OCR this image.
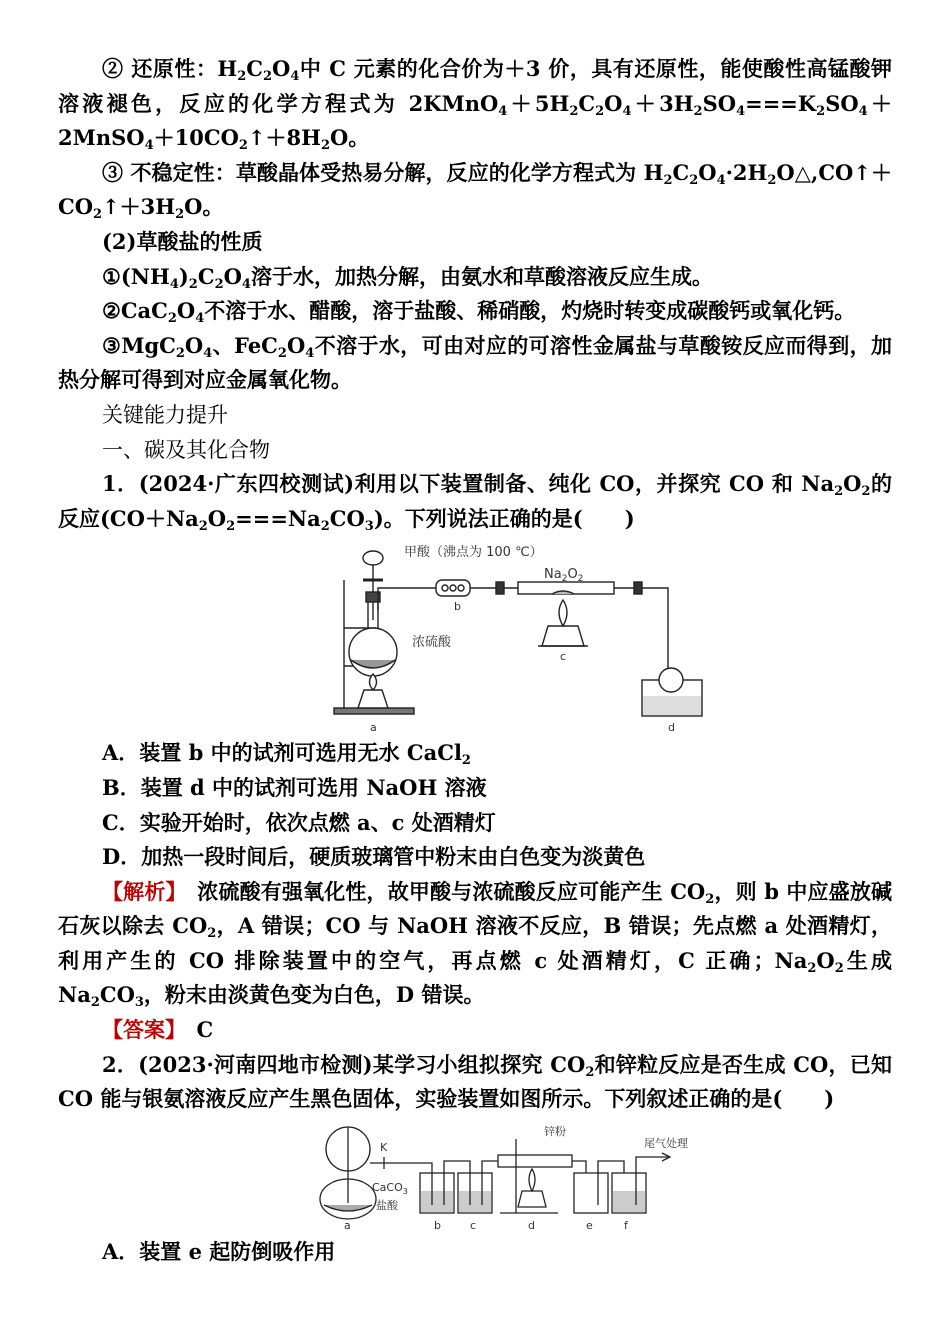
② 还原性：$H_2C_2O_4$中 C 元素的化合价为＋3 价，具有还原性，能使酸性高锰酸钾溶液褪色，反应的化学方程式为 $2KMnO_4+5H_2C_2O_4+3H_2SO_4===K_2SO_4+2MnSO_4+10CO_2↑+8H_2O$。

③ 不稳定性：草酸晶体受热易分解，反应的化学方程式为 $H_2C_2O_4\cdot 2H_2O\triangle,CO↑+CO_2↑+3H_2O$。

(2)草酸盐的性质

$①(NH_4)_2C_2O_4$溶于水，加热分解，由氨水和草酸溶液反应生成。

$②CaC_2O_4$不溶于水、醋酸，溶于盐酸、稀硝酸，灼烧时转变成碳酸钙或氧化钙。

$③MgC_2O_4$、$FeC_2O_4$不溶于水，可由对应的可溶性金属盐与草酸铵反应而得到，加热分解可得到对应金属氧化物。

关键能力提升

一、碳及其化合物

1．(2024·广东四校测试)利用以下装置制备、纯化 CO，并探究 CO 和 $Na_2O_2$的反应$(CO+Na_2O_2===Na_2CO_3)$。下列说法正确的是(　　)

甲酸（沸点为 100 ℃）
$Na_2O_2$
浓硫酸
a
b
c
d

A．装置 b 中的试剂可选用无水 CaCl$_2$

B．装置 d 中的试剂可选用 NaOH 溶液

C．实验开始时，依次点燃 a、c 处酒精灯

D．加热一段时间后，硬质玻璃管中粉末由白色变为淡黄色

【解析】　浓硫酸有强氧化性，故甲酸与浓硫酸反应可能产生 $CO_2$，则 b 中应盛放碱石灰以除去 $CO_2$，A 错误；CO 与 NaOH 溶液不反应，B 错误；先点燃 a 处酒精灯，利用产生的 CO 排除装置中的空气，再点燃 c 处酒精灯，C 正确；$Na_2O_2$生成 $Na_2CO_3$，粉末由淡黄色变为白色，D 错误。

【答案】　C

2．(2023·河南四地市检测)某学习小组拟探究 $CO_2$和锌粒反应是否生成 CO，已知 CO 能与银氨溶液反应产生黑色固体，实验装置如图所示。下列叙述正确的是(　　)

K
锌粉
尾气处理
CaCO$_3$
盐酸
a	b	c	d	e	f

A．装置 e 起防倒吸作用
